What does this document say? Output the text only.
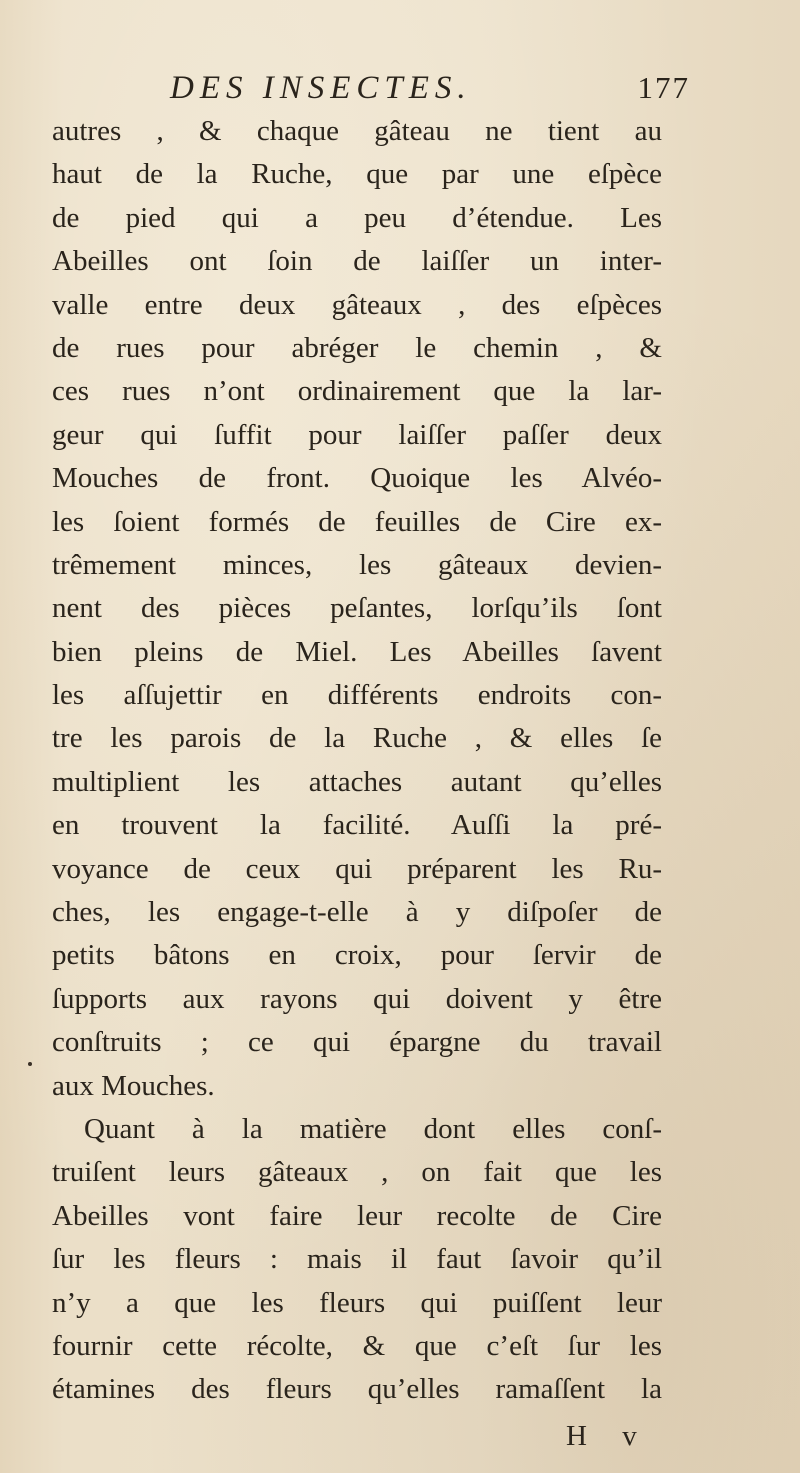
DES INSECTES.	177
autres , & chaque gâteau ne tient au
haut de la Ruche, que par une eſpèce
de pied qui a peu d’étendue. Les
Abeilles ont ſoin de laiſſer un inter-
valle entre deux gâteaux , des eſpèces
de rues pour abréger le chemin , &
ces rues n’ont ordinairement que la lar-
geur qui ſuffit pour laiſſer paſſer deux
Mouches de front. Quoique les Alvéo-
les ſoient formés de feuilles de Cire ex-
trêmement minces, les gâteaux devien-
nent des pièces peſantes, lorſqu’ils ſont
bien pleins de Miel. Les Abeilles ſavent
les aſſujettir en différents endroits con-
tre les parois de la Ruche , & elles ſe
multiplient les attaches autant qu’elles
en trouvent la facilité. Auſſi la pré-
voyance de ceux qui préparent les Ru-
ches, les engage-t-elle à y diſpoſer de
petits bâtons en croix, pour ſervir de
ſupports aux rayons qui doivent y être
conſtruits ; ce qui épargne du travail
aux Mouches.
Quant à la matière dont elles conſ-
truiſent leurs gâteaux , on fait que les
Abeilles vont faire leur recolte de Cire
ſur les fleurs : mais il faut ſavoir qu’il
n’y a que les fleurs qui puiſſent leur
fournir cette récolte, & que c’eſt ſur les
étamines des fleurs qu’elles ramaſſent la
H v
